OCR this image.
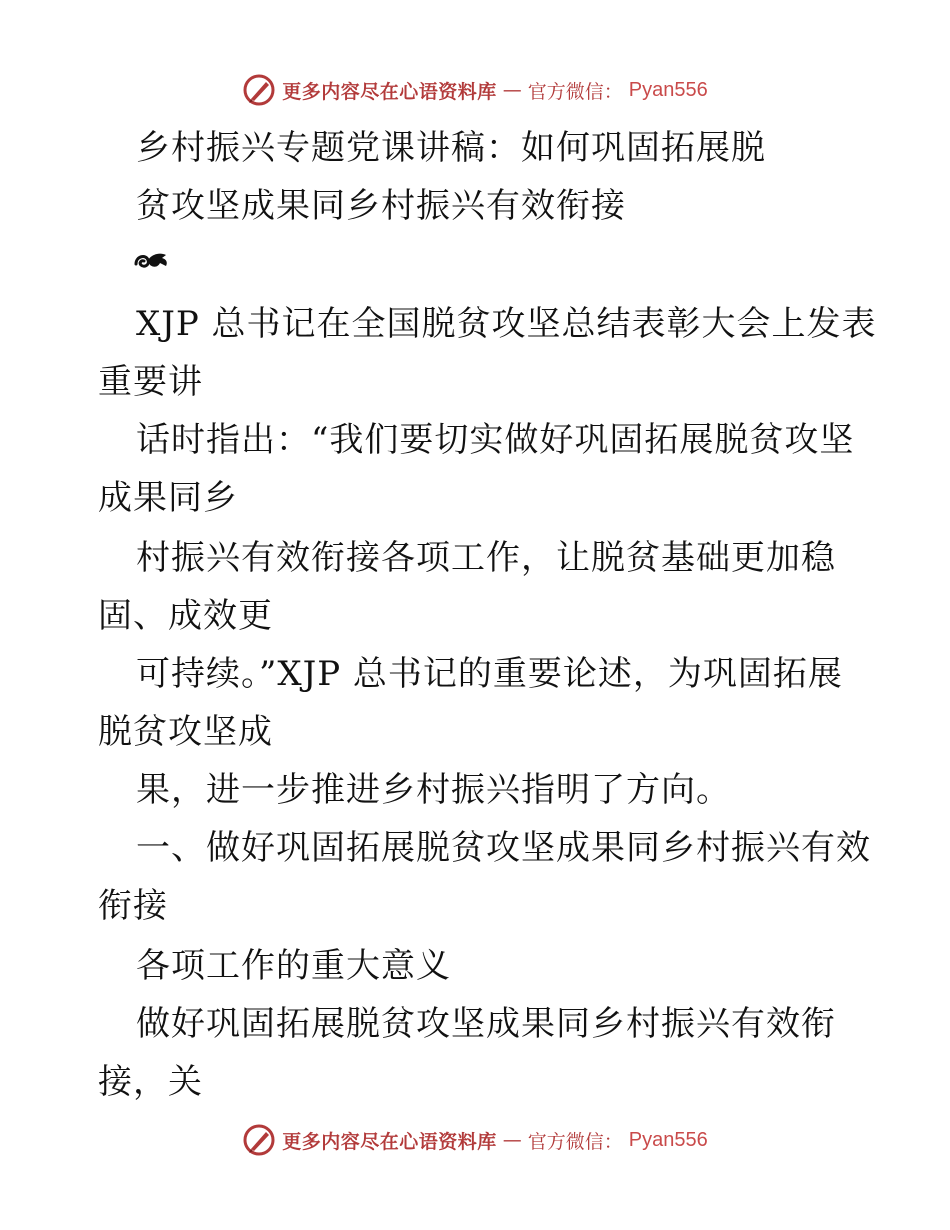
更多内容尽在心语资料库 — 官方微信： Pyan556
乡村振兴专题党课讲稿：如何巩固拓展脱
贫攻坚成果同乡村振兴有效衔接
XJP 总书记在全国脱贫攻坚总结表彰大会上发表
重要讲
话时指出：“我们要切实做好巩固拓展脱贫攻坚
成果同乡
村振兴有效衔接各项工作，让脱贫基础更加稳
固、成效更
可持续。”XJP 总书记的重要论述，为巩固拓展
脱贫攻坚成
果，进一步推进乡村振兴指明了方向。
一、做好巩固拓展脱贫攻坚成果同乡村振兴有效
衔接
各项工作的重大意义
做好巩固拓展脱贫攻坚成果同乡村振兴有效衔
接，关
更多内容尽在心语资料库 — 官方微信： Pyan556
